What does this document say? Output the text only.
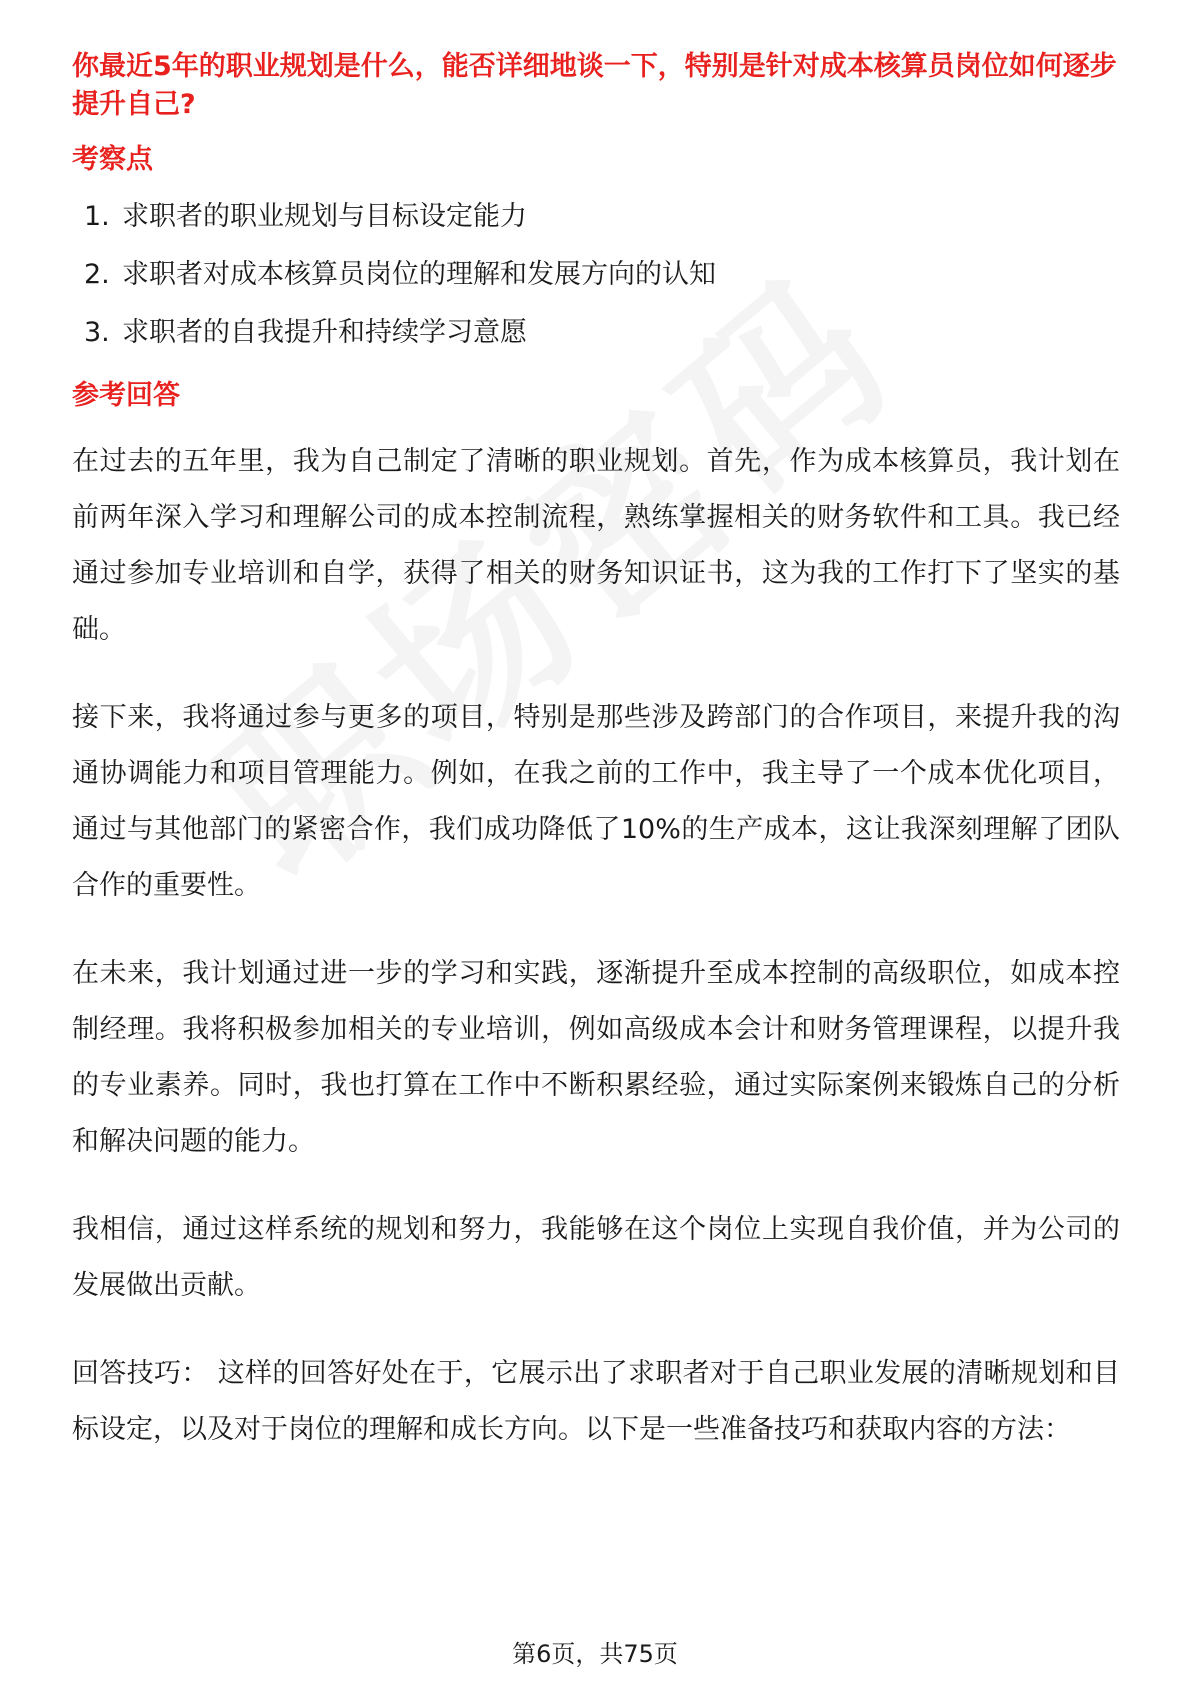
你最近5年的职业规划是什么，能否详细地谈一下，特别是针对成本核算员岗位如何逐步提升自己?
考察点
1. 求职者的职业规划与目标设定能力
2. 求职者对成本核算员岗位的理解和发展方向的认知
3. 求职者的自我提升和持续学习意愿
参考回答

在过去的五年里，我为自己制定了清晰的职业规划。首先，作为成本核算员，我计划在前两年深入学习和理解公司的成本控制流程，熟练掌握相关的财务软件和工具。我已经通过参加专业培训和自学，获得了相关的财务知识证书，这为我的工作打下了坚实的基础。

接下来，我将通过参与更多的项目，特别是那些涉及跨部门的合作项目，来提升我的沟通协调能力和项目管理能力。例如，在我之前的工作中，我主导了一个成本优化项目，通过与其他部门的紧密合作，我们成功降低了10%的生产成本，这让我深刻理解了团队合作的重要性。

在未来，我计划通过进一步的学习和实践，逐渐提升至成本控制的高级职位，如成本控制经理。我将积极参加相关的专业培训，例如高级成本会计和财务管理课程，以提升我的专业素养。同时，我也打算在工作中不断积累经验，通过实际案例来锻炼自己的分析和解决问题的能力。

我相信，通过这样系统的规划和努力，我能够在这个岗位上实现自我价值，并为公司的发展做出贡献。

回答技巧： 这样的回答好处在于，它展示出了求职者对于自己职业发展的清晰规划和目标设定，以及对于岗位的理解和成长方向。以下是一些准备技巧和获取内容的方法：

第6页，共75页
